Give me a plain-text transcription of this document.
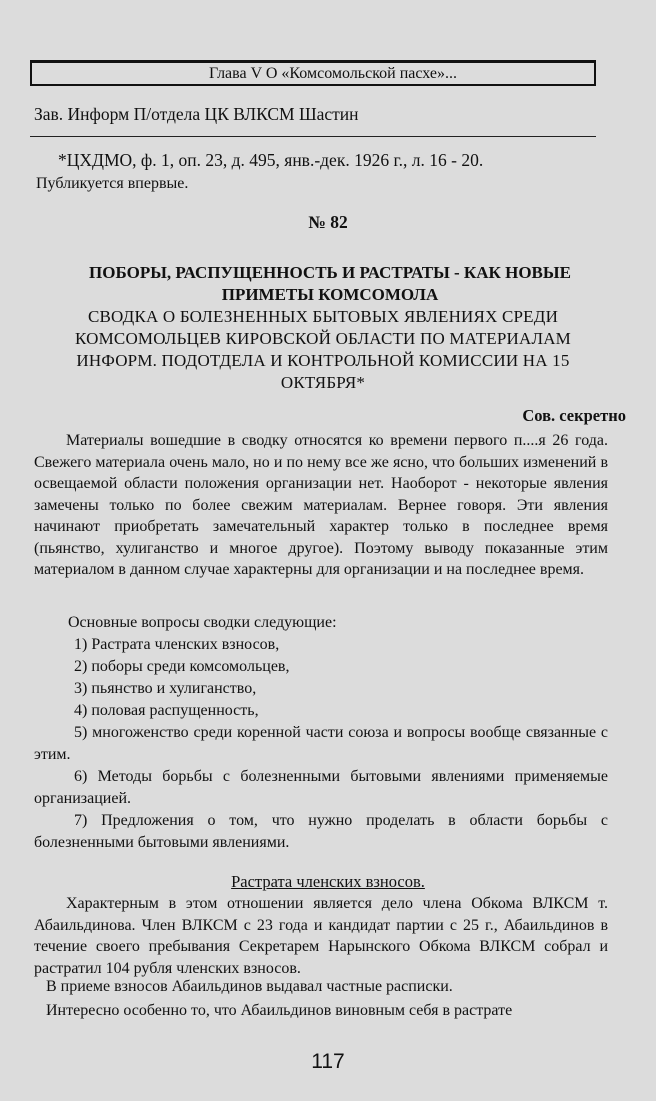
Глава V О «Комсомольской пасхе»...
Зав. Информ П/отдела ЦК ВЛКСМ Шастин
*ЦХДМО, ф. 1, оп. 23, д. 495, янв.-дек. 1926 г., л. 16 - 20.
Публикуется впервые.
№ 82
ПОБОРЫ, РАСПУЩЕННОСТЬ И РАСТРАТЫ - КАК НОВЫЕ ПРИМЕТЫ КОМСОМОЛА
СВОДКА О БОЛЕЗНЕННЫХ БЫТОВЫХ ЯВЛЕНИЯХ СРЕДИ КОМСОМОЛЬЦЕВ КИРОВСКОЙ ОБЛАСТИ ПО МАТЕРИАЛАМ ИНФОРМ. ПОДОТДЕЛА И КОНТРОЛЬНОЙ КОМИССИИ НА 15 ОКТЯБРЯ*
Сов. секретно
Материалы вошедшие в сводку относятся ко времени первого п....я 26 года. Свежего материала очень мало, но и по нему все же ясно, что больших изменений в освещаемой области положения организации нет. Наоборот - некоторые явления замечены только по более свежим материалам. Вернее говоря. Эти явления начинают приобретать замечательный характер только в последнее время (пьянство, хулиганство и многое другое). Поэтому выводу показанные этим материалом в данном случае характерны для организации и на последнее время.
Основные вопросы сводки следующие:
1) Растрата членских взносов,
2) поборы среди комсомольцев,
3) пьянство и хулиганство,
4) половая распущенность,
5) многоженство среди коренной части союза и вопросы вообще связанные с этим.
6) Методы борьбы с болезненными бытовыми явлениями применяемые организацией.
7) Предложения о том, что нужно проделать в области борьбы с болезненными бытовыми явлениями.
Растрата членских взносов.
Характерным в этом отношении является дело члена Обкома ВЛКСМ т. Абаильдинова. Член ВЛКСМ с 23 года и кандидат партии с 25 г., Абаильдинов в течение своего пребывания Секретарем Нарынского Обкома ВЛКСМ собрал и растратил 104 рубля членских взносов.
В приеме взносов Абаильдинов выдавал частные расписки.
Интересно особенно то, что Абаильдинов виновным себя в растрате
117
